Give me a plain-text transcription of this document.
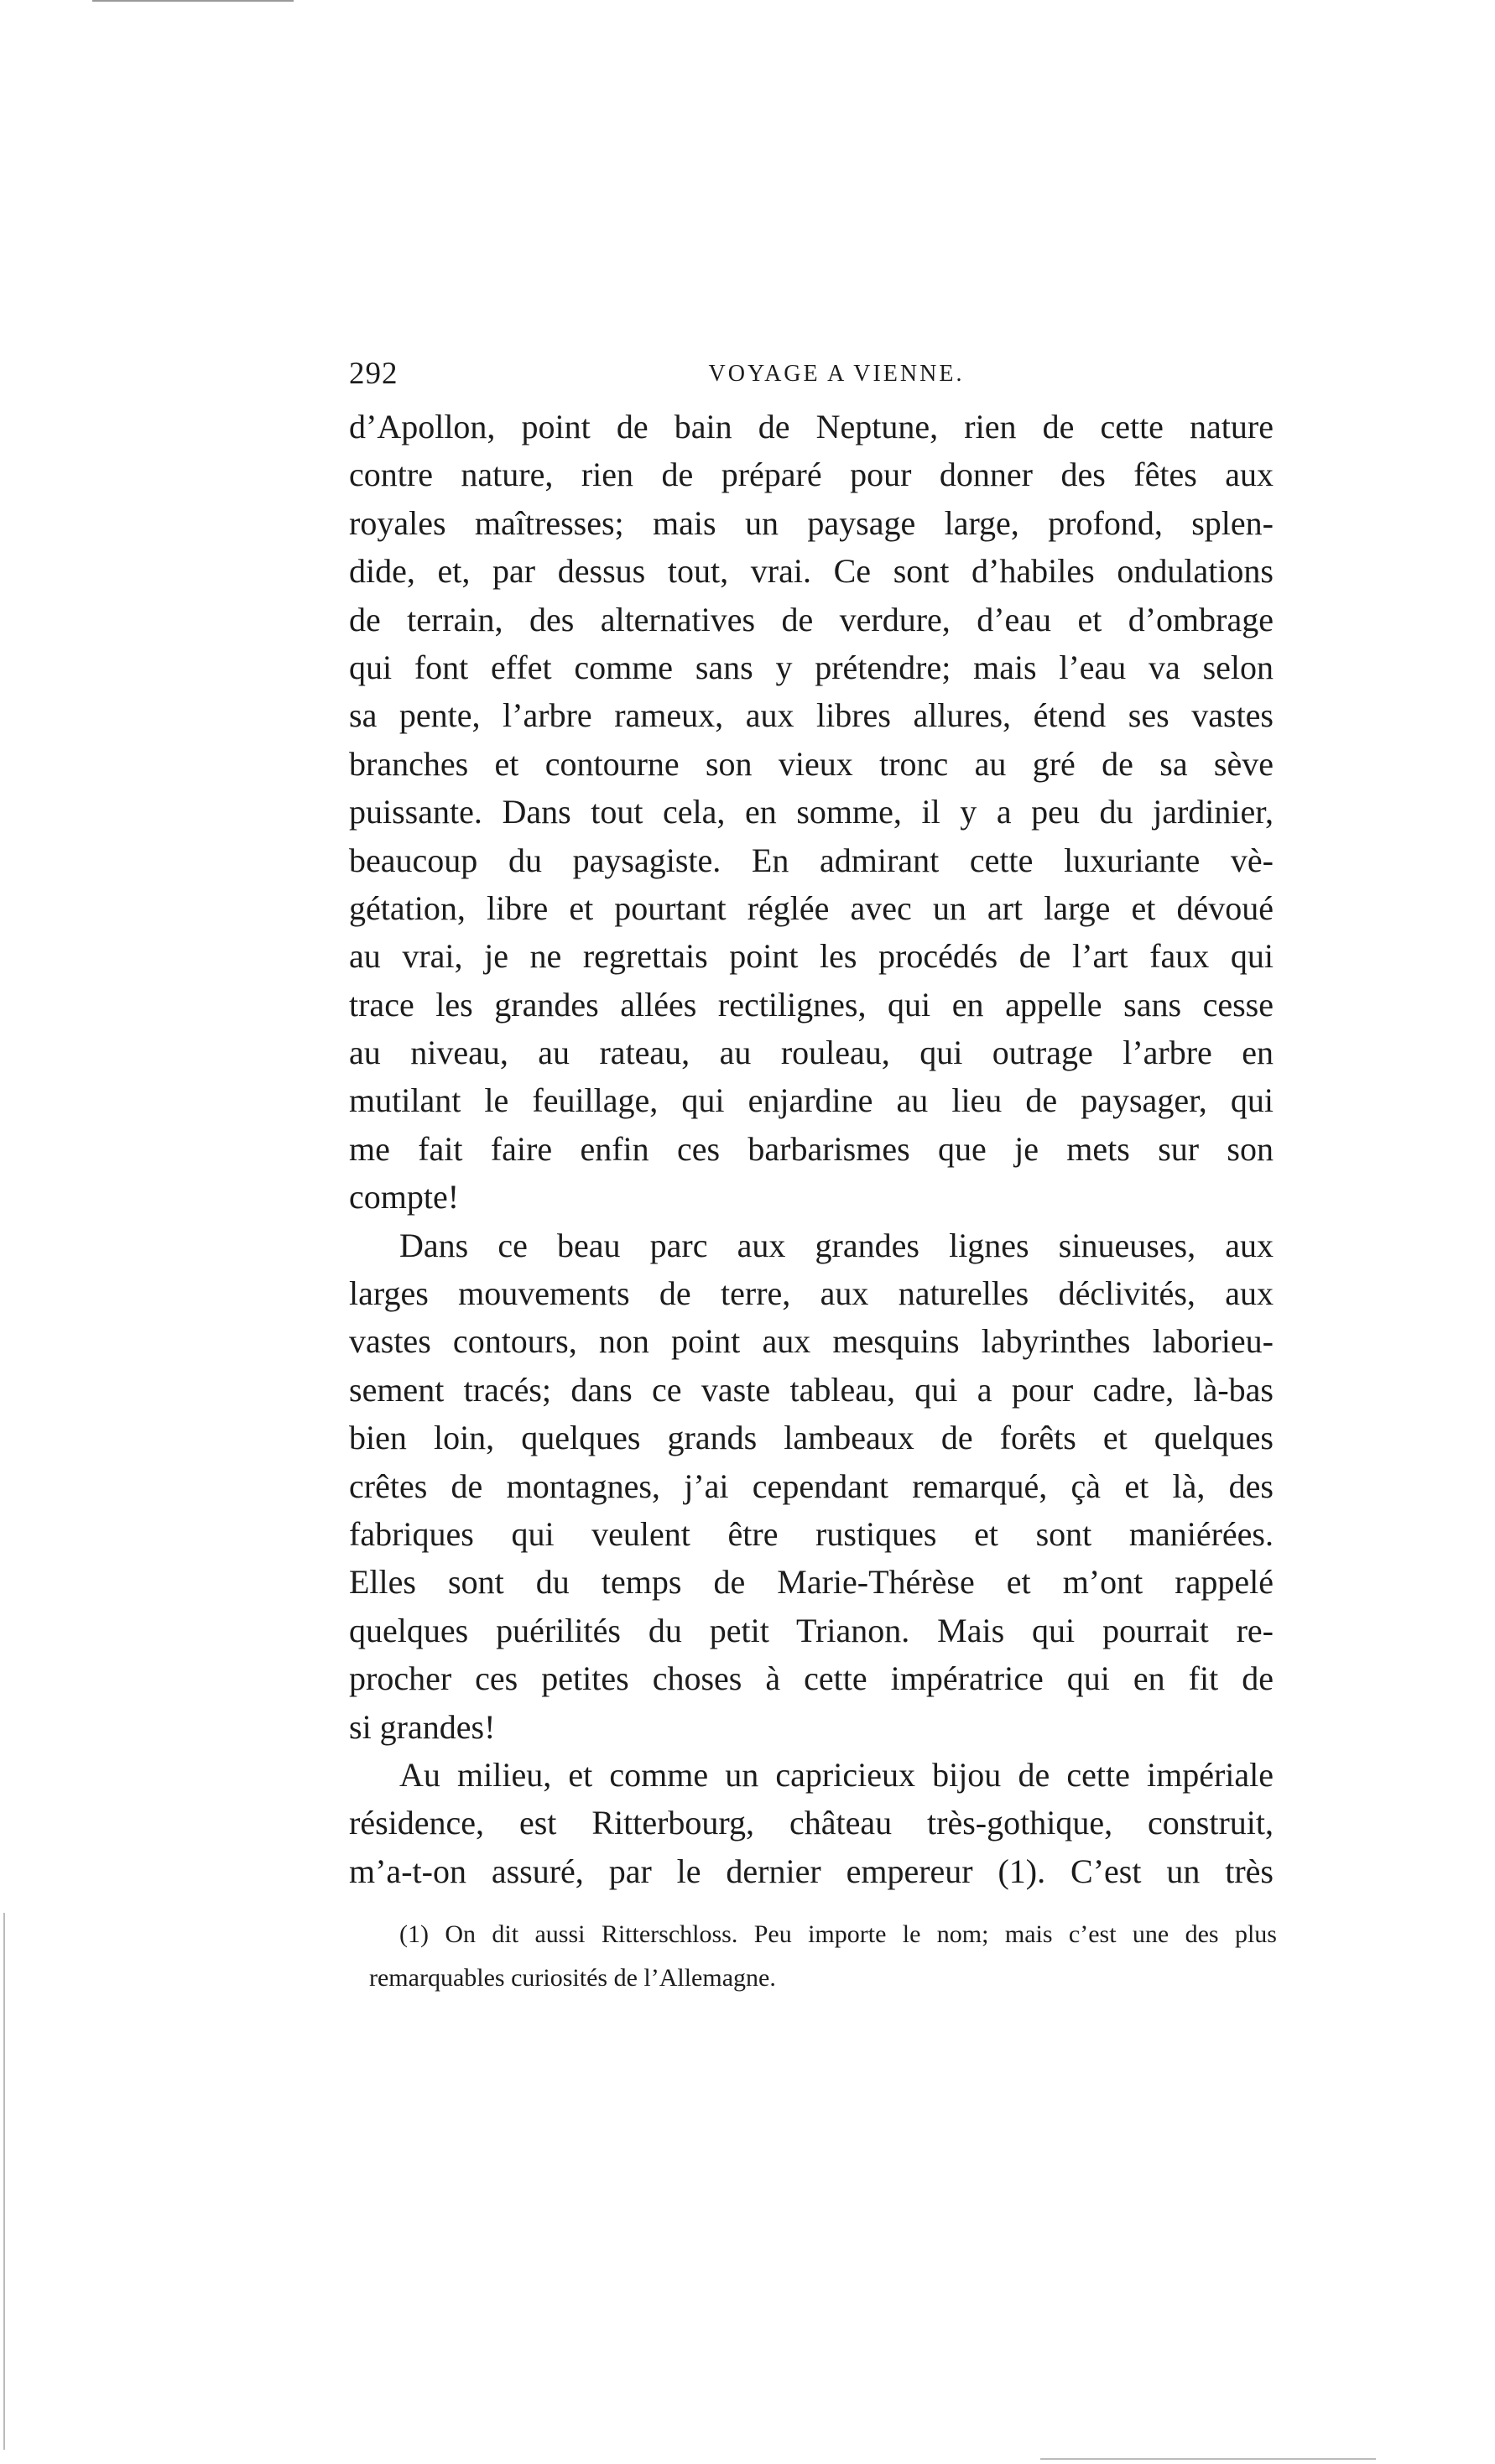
292	VOYAGE A VIENNE.
d’Apollon, point de bain de Neptune, rien de cette nature
contre nature, rien de préparé pour donner des fêtes aux
royales maîtresses; mais un paysage large, profond, splen-
dide, et, par dessus tout, vrai. Ce sont d’habiles ondulations
de terrain, des alternatives de verdure, d’eau et d’ombrage
qui font effet comme sans y prétendre; mais l’eau va selon
sa pente, l’arbre rameux, aux libres allures, étend ses vastes
branches et contourne son vieux tronc au gré de sa sève
puissante. Dans tout cela, en somme, il y a peu du jardinier,
beaucoup du paysagiste. En admirant cette luxuriante vè-
gétation, libre et pourtant réglée avec un art large et dévoué
au vrai, je ne regrettais point les procédés de l’art faux qui
trace les grandes allées rectilignes, qui en appelle sans cesse
au niveau, au rateau, au rouleau, qui outrage l’arbre en
mutilant le feuillage, qui enjardine au lieu de paysager, qui
me fait faire enfin ces barbarismes que je mets sur son
compte!
Dans ce beau parc aux grandes lignes sinueuses, aux
larges mouvements de terre, aux naturelles déclivités, aux
vastes contours, non point aux mesquins labyrinthes laborieu-
sement tracés; dans ce vaste tableau, qui a pour cadre, là-bas
bien loin, quelques grands lambeaux de forêts et quelques
crêtes de montagnes, j’ai cependant remarqué, çà et là, des
fabriques qui veulent être rustiques et sont maniérées.
Elles sont du temps de Marie-Thérèse et m’ont rappelé
quelques puérilités du petit Trianon. Mais qui pourrait re-
procher ces petites choses à cette impératrice qui en fit de
si grandes!
Au milieu, et comme un capricieux bijou de cette impériale
résidence, est Ritterbourg, château très-gothique, construit,
m’a-t-on assuré, par le dernier empereur (1). C’est un très
(1) On dit aussi Ritterschloss. Peu importe le nom; mais c’est une des plus
remarquables curiosités de l’Allemagne.
